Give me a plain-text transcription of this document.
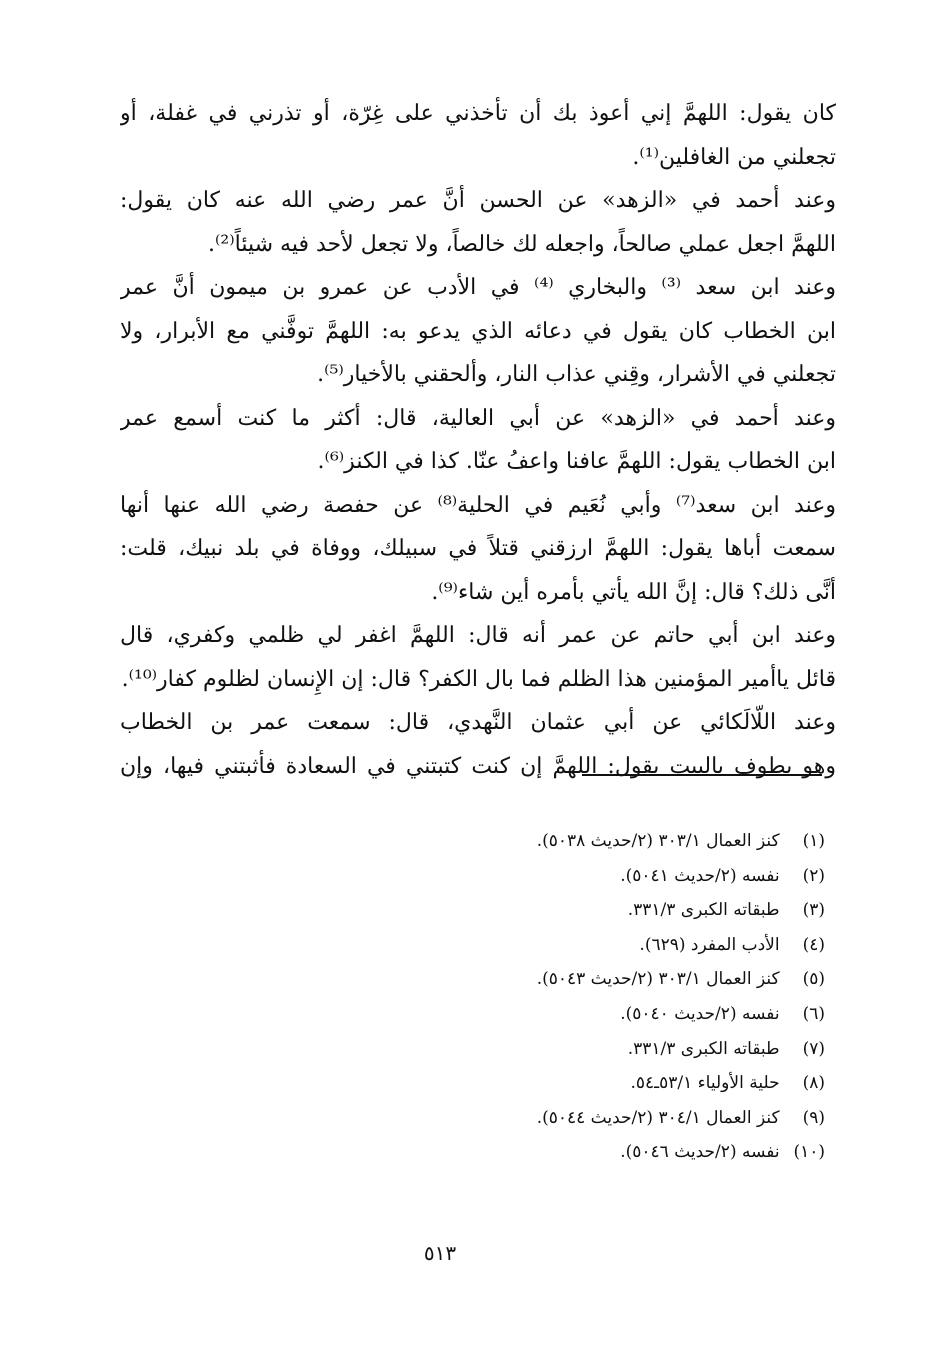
كان يقول: اللهمَّ إني أعوذ بك أن تأخذني على غِرّة، أو تذرني في غفلة، أو
تجعلني من الغافلين⁽¹⁾.
وعند أحمد في «الزهد» عن الحسن أنَّ عمر رضي الله عنه كان يقول:
اللهمَّ اجعل عملي صالحاً، واجعله لك خالصاً، ولا تجعل لأحد فيه شيئاً⁽²⁾.
وعند ابن سعد ⁽³⁾ والبخاري ⁽⁴⁾ في الأدب عن عمرو بن ميمون أنَّ عمر
ابن الخطاب كان يقول في دعائه الذي يدعو به: اللهمَّ توفَّني مع الأبرار، ولا
تجعلني في الأشرار، وقِني عذاب النار، وألحقني بالأخيار⁽⁵⁾.
وعند أحمد في «الزهد» عن أبي العالية، قال: أكثر ما كنت أسمع عمر
ابن الخطاب يقول: اللهمَّ عافنا واعفُ عنّا. كذا في الكنز⁽⁶⁾.
وعند ابن سعد⁽⁷⁾ وأبي نُعَيم في الحلية⁽⁸⁾ عن حفصة رضي الله عنها أنها
سمعت أباها يقول: اللهمَّ ارزقني قتلاً في سبيلك، ووفاة في بلد نبيك، قلت:
أنَّى ذلك؟ قال: إنَّ الله يأتي بأمره أين شاء⁽⁹⁾.
وعند ابن أبي حاتم عن عمر أنه قال: اللهمَّ اغفر لي ظلمي وكفري، قال
قائل ياأمير المؤمنين هذا الظلم فما بال الكفر؟ قال: إن الإِنسان لظلوم كفار⁽¹⁰⁾.
وعند اللّالَكائي عن أبي عثمان النَّهدي، قال: سمعت عمر بن الخطاب
وهو يطوف بالبيت يقول: اللهمَّ إن كنت كتبتني في السعادة فأثبتني فيها، وإن
(١) كنز العمال ٣٠٣/١ (٢/حديث ٥٠٣٨).
(٢) نفسه (٢/حديث ٥٠٤١).
(٣) طبقاته الكبرى ٣٣١/٣.
(٤) الأدب المفرد (٦٢٩).
(٥) كنز العمال ٣٠٣/١ (٢/حديث ٥٠٤٣).
(٦) نفسه (٢/حديث ٥٠٤٠).
(٧) طبقاته الكبرى ٣٣١/٣.
(٨) حلية الأولياء ٥٣/١ـ٥٤.
(٩) كنز العمال ٣٠٤/١ (٢/حديث ٥٠٤٤).
(١٠) نفسه (٢/حديث ٥٠٤٦).
٥١٣
